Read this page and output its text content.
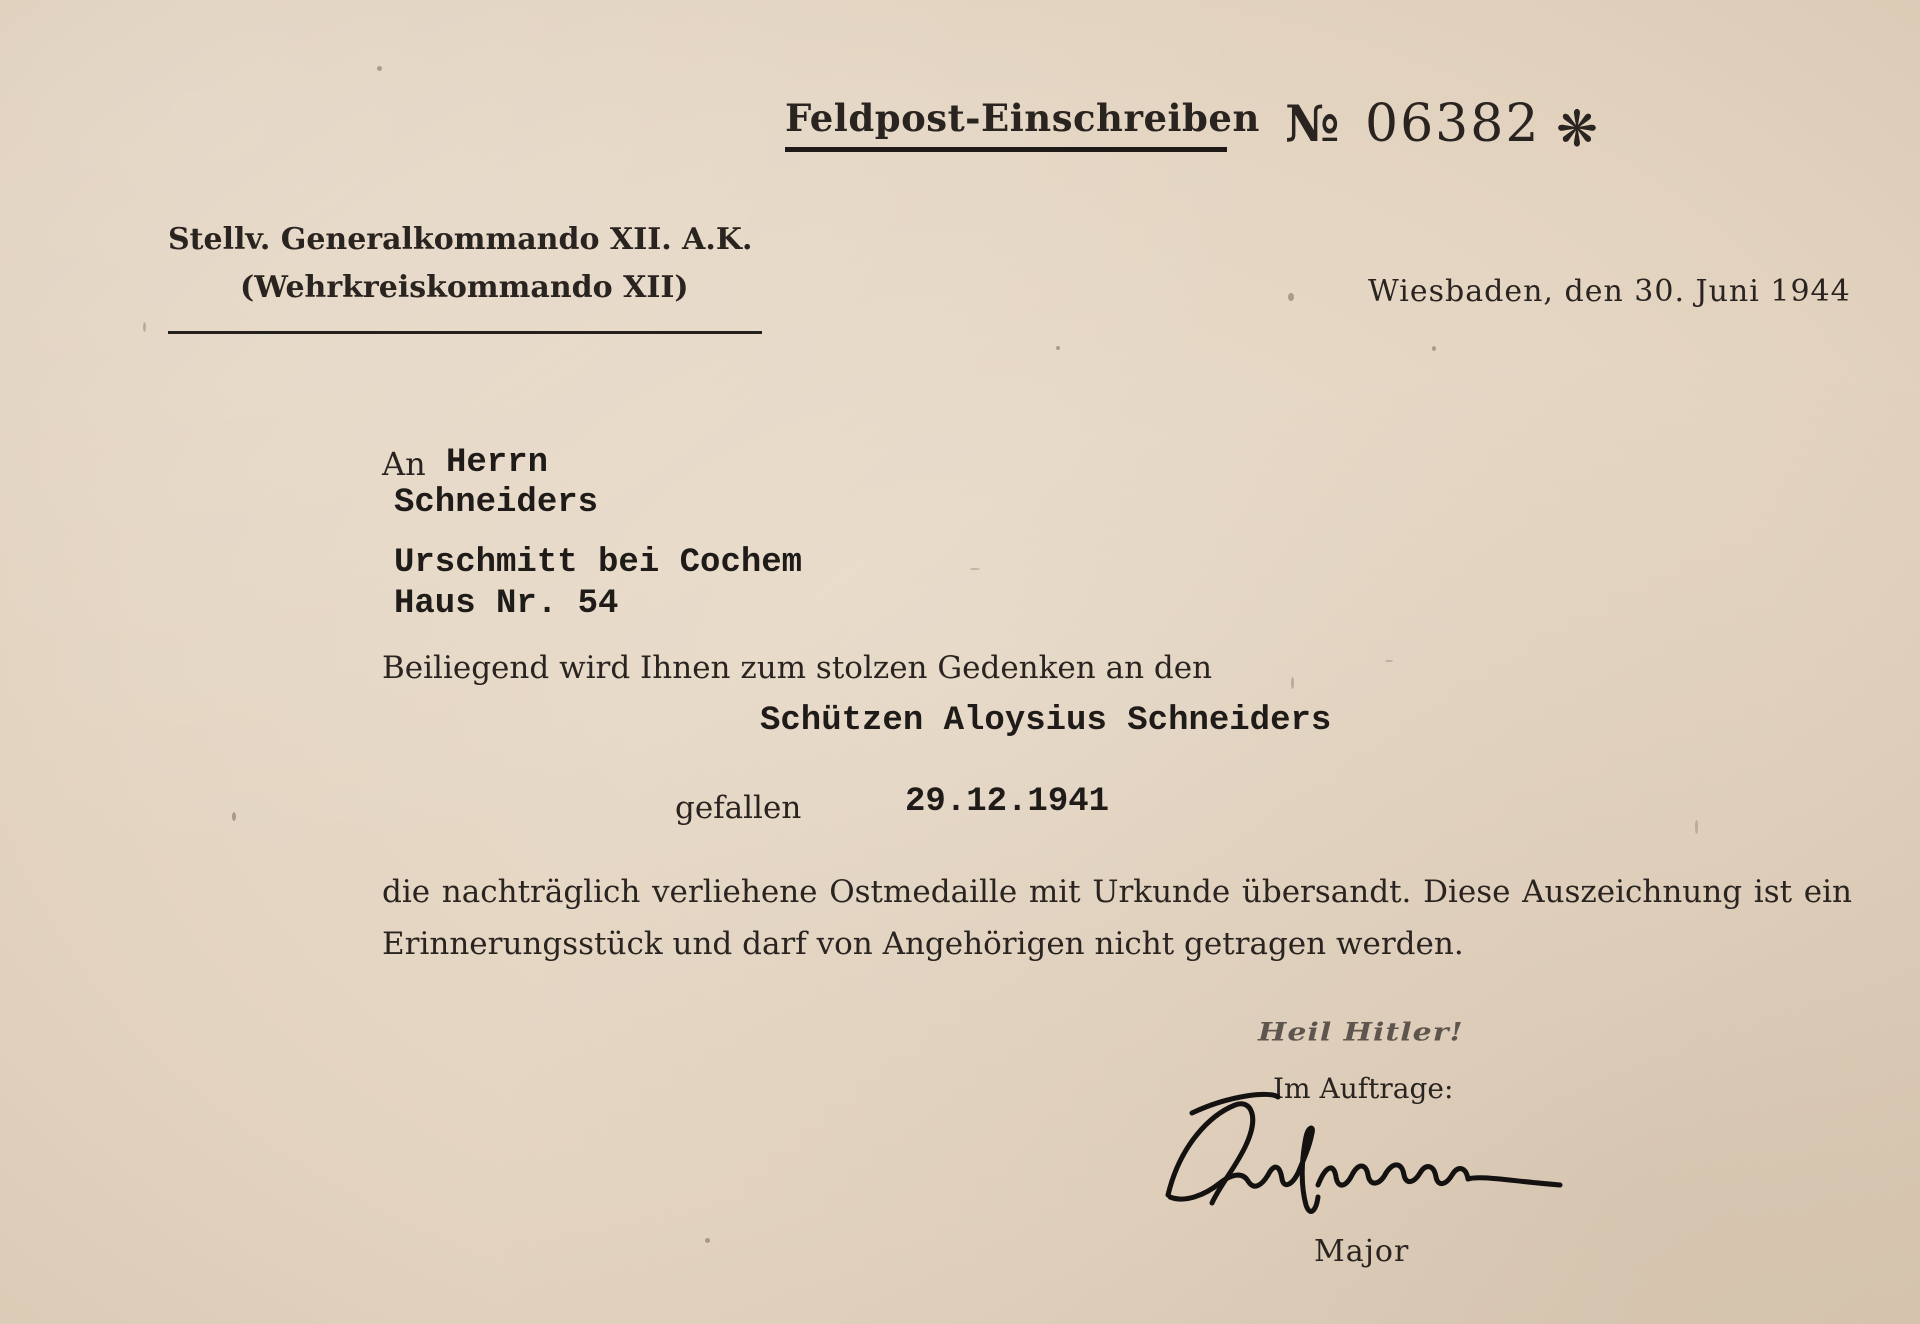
Feldpost-Einschreiben № 06382 ❋

Stellv. Generalkommando XII. A.K.

(Wehrkreiskommando XII)	Wiesbaden, den 30. Juni 1944

An Herrn

Schneiders

Urschmitt bei Cochem

Haus Nr. 54

Beiliegend wird Ihnen zum stolzen Gedenken an den

Schützen Aloysius Schneiders

gefallen	29.12.1941

die nachträglich verliehene Ostmedaille mit Urkunde übersandt. Diese Auszeichnung ist ein Erinnerungsstück und darf von Angehörigen nicht getragen werden.

Heil Hitler!

Im Auftrage:

Major
